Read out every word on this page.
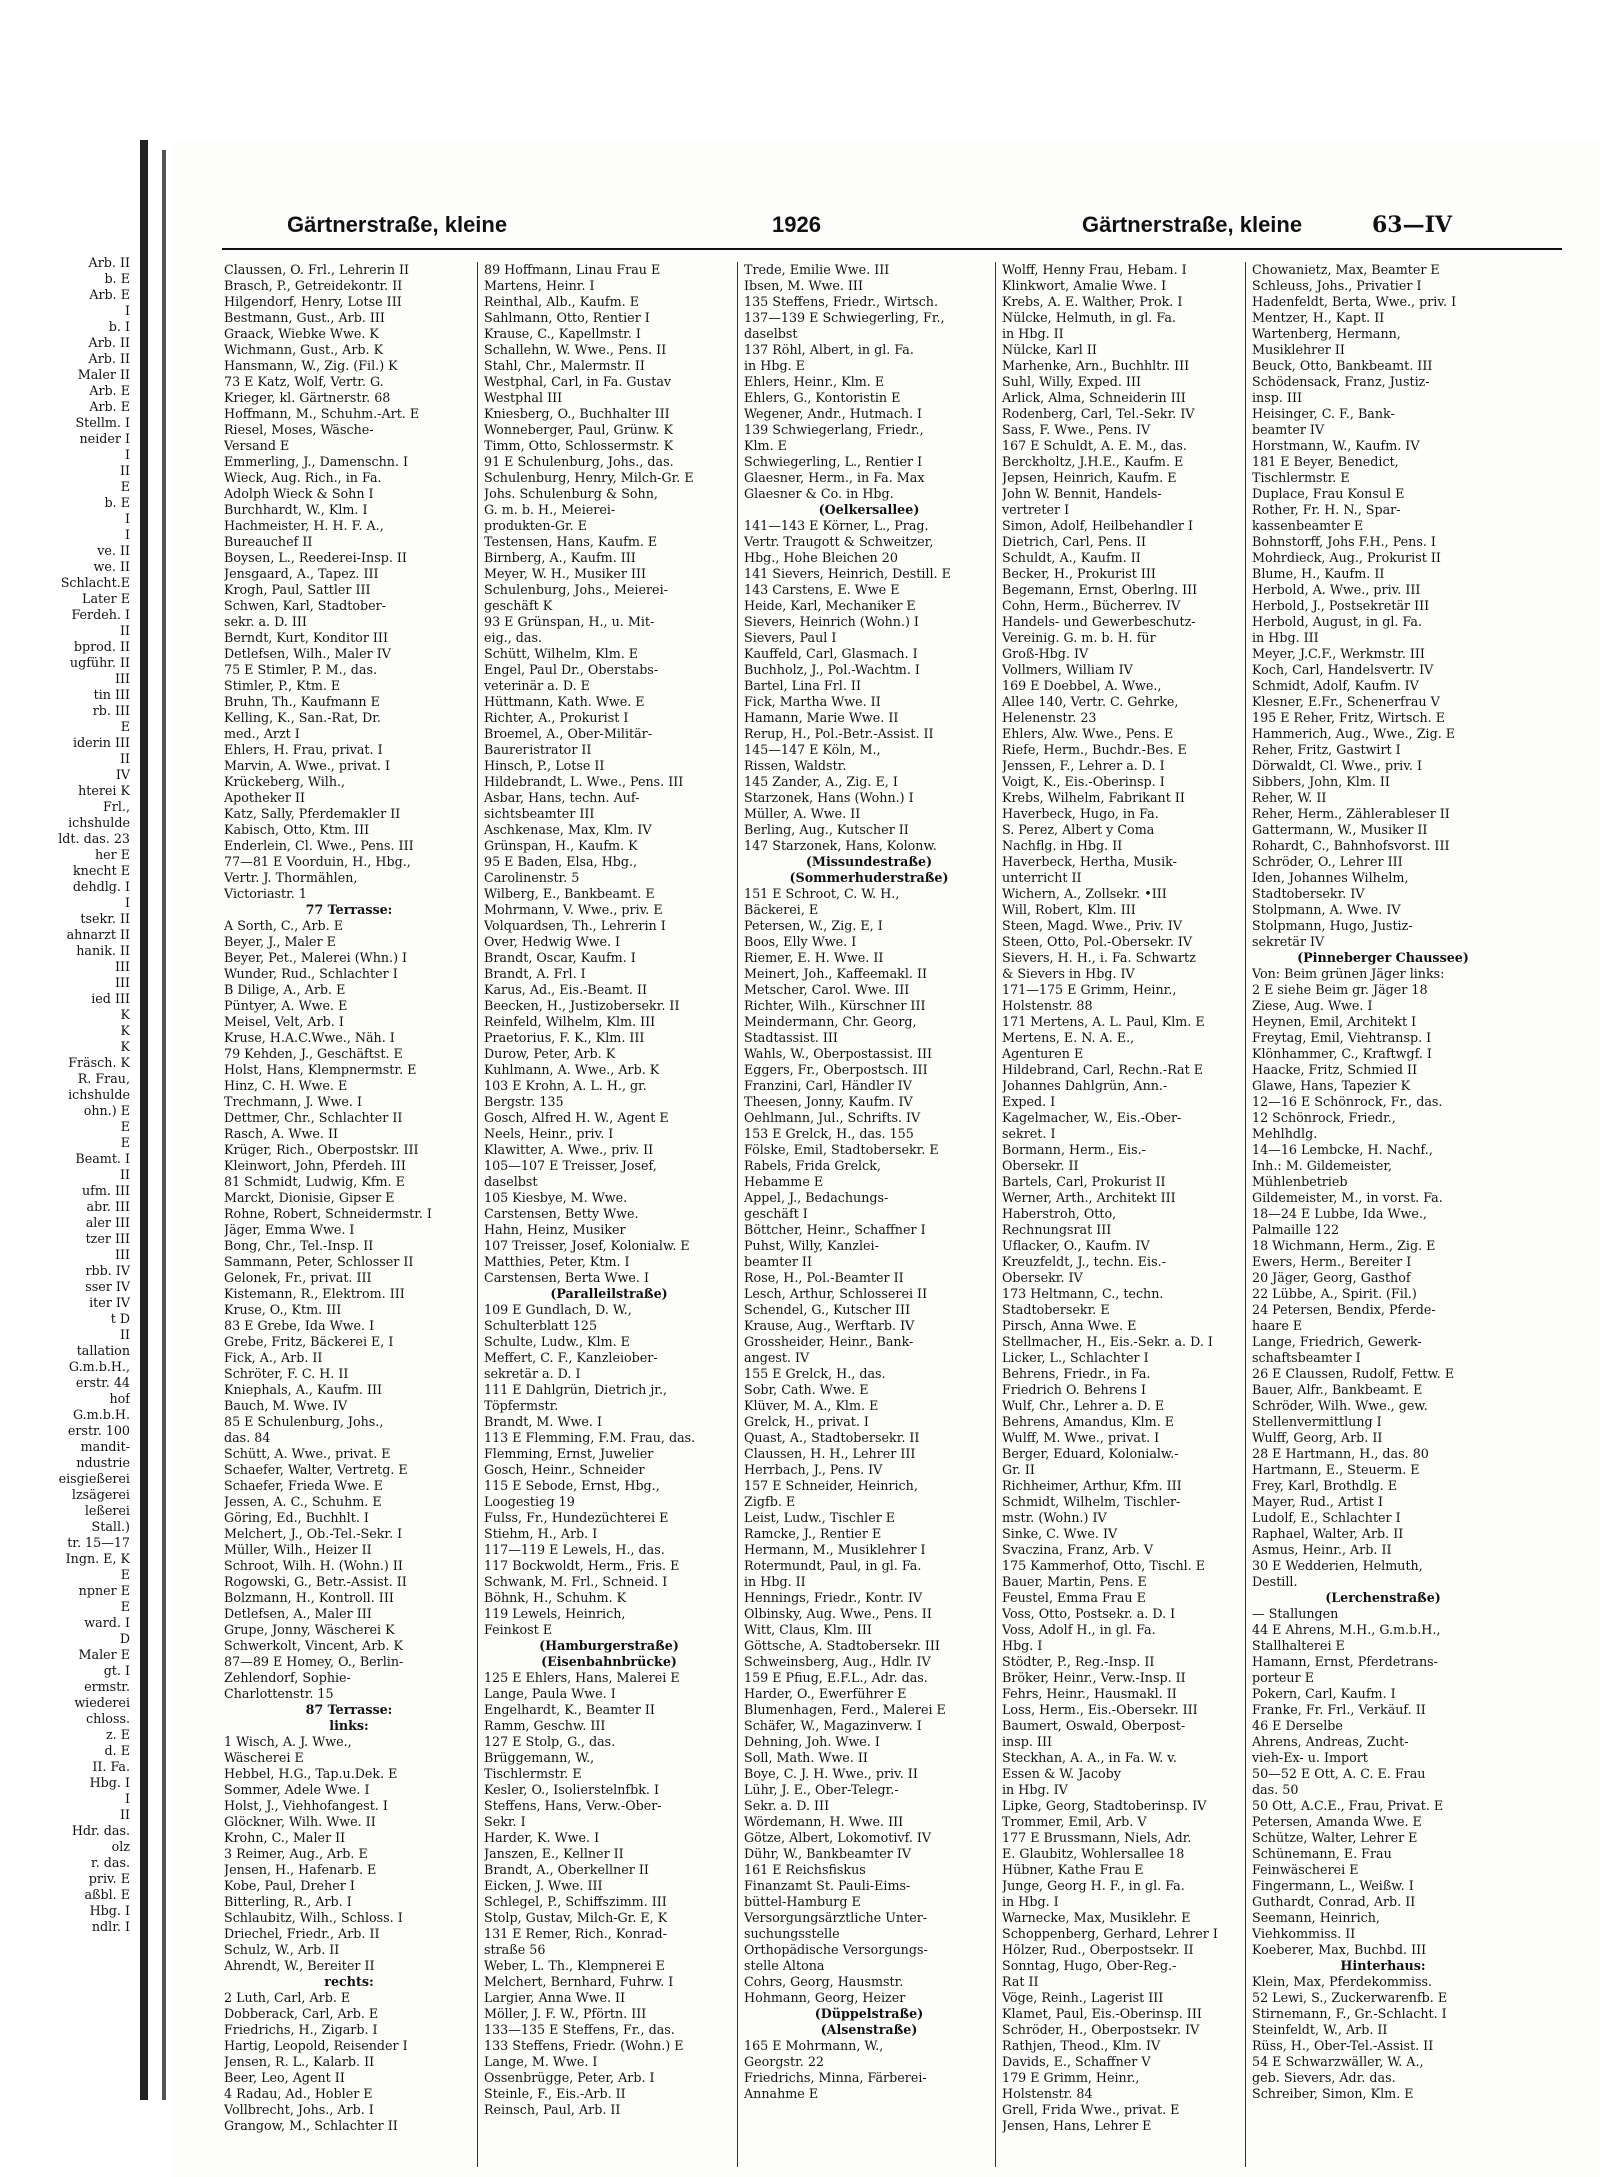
Arb. II
b. E
Arb. E
I
b. I
Arb. II
Arb. II
Maler II
Arb. E
Arb. E
Stellm. I
neider I
I
II
E
b. E
I
I
ve. II
we. II
Schlacht.E
Later E
Ferdeh. I
II
bprod. II
ugführ. II
III
tin III
rb. III
E
iderin III
II
IV
hterei K
Frl.,
ichshulde
ldt. das. 23
her E
knecht E
dehdlg. I
I
tsekr. II
ahnarzt II
hanik. II
III
III
ied III
K
K
K
Fräsch. K
R. Frau,
ichshulde
ohn.) E
E
E
Beamt. I
II
ufm. III
abr. III
aler III
tzer III
III
rbb. IV
sser IV
iter IV
t D
II
tallation
G.m.b.H.,
erstr. 44
hof
G.m.b.H.
erstr. 100
mandit-
ndustrie
eisgießerei
lzsägerei
leßerei
Stall.)
tr. 15—17
Ingn. E, K
E
npner E
E
ward. I
D
Maler E
gt. I
ermstr.
wiederei
chloss.
z. E
d. E
II. Fa.
Hbg. I
I
II
Hdr. das.
olz
r. das.
priv. E
aßbl. E
Hbg. I
ndlr. I
Gärtnerstraße, kleine	1926	Gärtnerstraße, kleine	63—IV
Claussen, O. Frl., Lehrerin II
Brasch, P., Getreidekontr. II
Hilgendorf, Henry, Lotse III
Bestmann, Gust., Arb. III
Graack, Wiebke Wwe. K
Wichmann, Gust., Arb. K
Hansmann, W., Zig. (Fil.) K
73 E Katz, Wolf, Vertr. G.
Krieger, kl. Gärtnerstr. 68
Hoffmann, M., Schuhm.-Art. E
Riesel, Moses, Wäsche-
Versand E
Emmerling, J., Damenschn. I
Wieck, Aug. Rich., in Fa.
Adolph Wieck & Sohn I
Burchhardt, W., Klm. I
Hachmeister, H. H. F. A.,
Bureauchef II
Boysen, L., Reederei-Insp. II
Jensgaard, A., Tapez. III
Krogh, Paul, Sattler III
Schwen, Karl, Stadtober-
sekr. a. D. III
Berndt, Kurt, Konditor III
Detlefsen, Wilh., Maler IV
75 E Stimler, P. M., das.
Stimler, P., Ktm. E
Bruhn, Th., Kaufmann E
Kelling, K., San.-Rat, Dr.
med., Arzt I
Ehlers, H. Frau, privat. I
Marvin, A. Wwe., privat. I
Krückeberg, Wilh.,
Apotheker II
Katz, Sally, Pferdemakler II
Kabisch, Otto, Ktm. III
Enderlein, Cl. Wwe., Pens. III
77—81 E Voorduin, H., Hbg.,
Vertr. J. Thormählen,
Victoriastr. 1
77 Terrasse:
A Sorth, C., Arb. E
Beyer, J., Maler E
Beyer, Pet., Malerei (Whn.) I
Wunder, Rud., Schlachter I
B Dilige, A., Arb. E
Püntyer, A. Wwe. E
Meisel, Velt, Arb. I
Kruse, H.A.C.Wwe., Näh. I
79 Kehden, J., Geschäftst. E
Holst, Hans, Klempnermstr. E
Hinz, C. H. Wwe. E
Trechmann, J. Wwe. I
Dettmer, Chr., Schlachter II
Rasch, A. Wwe. II
Krüger, Rich., Oberpostskr. III
Kleinwort, John, Pferdeh. III
81 Schmidt, Ludwig, Kfm. E
Marckt, Dionisie, Gipser E
Rohne, Robert, Schneidermstr. I
Jäger, Emma Wwe. I
Bong, Chr., Tel.-Insp. II
Sammann, Peter, Schlosser II
Gelonek, Fr., privat. III
Kistemann, R., Elektrom. III
Kruse, O., Ktm. III
83 E Grebe, Ida Wwe. I
Grebe, Fritz, Bäckerei E, I
Fick, A., Arb. II
Schröter, F. C. H. II
Kniephals, A., Kaufm. III
Bauch, M. Wwe. IV
85 E Schulenburg, Johs.,
das. 84
Schütt, A. Wwe., privat. E
Schaefer, Walter, Vertretg. E
Schaefer, Frieda Wwe. E
Jessen, A. C., Schuhm. E
Göring, Ed., Buchhlt. I
Melchert, J., Ob.-Tel.-Sekr. I
Müller, Wilh., Heizer II
Schroot, Wilh. H. (Wohn.) II
Rogowski, G., Betr.-Assist. II
Bolzmann, H., Kontroll. III
Detlefsen, A., Maler III
Grupe, Jonny, Wäscherei K
Schwerkolt, Vincent, Arb. K
87—89 E Homey, O., Berlin-
Zehlendorf, Sophie-
Charlottenstr. 15
87 Terrasse:
links:
1 Wisch, A. J. Wwe.,
Wäscherei E
Hebbel, H.G., Tap.u.Dek. E
Sommer, Adele Wwe. I
Holst, J., Viehhofangest. I
Glöckner, Wilh. Wwe. II
Krohn, C., Maler II
3 Reimer, Aug., Arb. E
Jensen, H., Hafenarb. E
Kobe, Paul, Dreher I
Bitterling, R., Arb. I
Schlaubitz, Wilh., Schloss. I
Driechel, Friedr., Arb. II
Schulz, W., Arb. II
Ahrendt, W., Bereiter II
rechts:
2 Luth, Carl, Arb. E
Dobberack, Carl, Arb. E
Friedrichs, H., Zigarb. I
Hartig, Leopold, Reisender I
Jensen, R. L., Kalarb. II
Beer, Leo, Agent II
4 Radau, Ad., Hobler E
Vollbrecht, Johs., Arb. I
Grangow, M., Schlachter II
89 Hoffmann, Linau Frau E
Martens, Heinr. I
Reinthal, Alb., Kaufm. E
Sahlmann, Otto, Rentier I
Krause, C., Kapellmstr. I
Schallehn, W. Wwe., Pens. II
Stahl, Chr., Malermstr. II
Westphal, Carl, in Fa. Gustav
Westphal III
Kniesberg, O., Buchhalter III
Wonneberger, Paul, Grünw. K
Timm, Otto, Schlossermstr. K
91 E Schulenburg, Johs., das.
Schulenburg, Henry, Milch-Gr. E
Johs. Schulenburg & Sohn,
G. m. b. H., Meierei-
produkten-Gr. E
Testensen, Hans, Kaufm. E
Birnberg, A., Kaufm. III
Meyer, W. H., Musiker III
Schulenburg, Johs., Meierei-
geschäft K
93 E Grünspan, H., u. Mit-
eig., das.
Schütt, Wilhelm, Klm. E
Engel, Paul Dr., Oberstabs-
veterinär a. D. E
Hüttmann, Kath. Wwe. E
Richter, A., Prokurist I
Broemel, A., Ober-Militär-
Baurегistrator II
Hinsch, P., Lotse II
Hildebrandt, L. Wwe., Pens. III
Asbar, Hans, techn. Auf-
sichtsbeamter III
Aschkenase, Max, Klm. IV
Grünspan, H., Kaufm. K
95 E Baden, Elsa, Hbg.,
Carolinenstr. 5
Wilberg, E., Bankbeamt. E
Mohrmann, V. Wwe., priv. E
Volquardsen, Th., Lehrerin I
Over, Hedwig Wwe. I
Brandt, Oscar, Kaufm. I
Brandt, A. Frl. I
Karus, Ad., Eis.-Beamt. II
Beecken, H., Justizobersekr. II
Reinfeld, Wilhelm, Klm. III
Praetorius, F. K., Klm. III
Durow, Peter, Arb. K
Kuhlmann, A. Wwe., Arb. K
103 E Krohn, A. L. H., gr.
Bergstr. 135
Gosch, Alfred H. W., Agent E
Neels, Heinr., priv. I
Klawitter, A. Wwe., priv. II
105—107 E Treisser, Josef,
daselbst
105 Kiesbye, M. Wwe.
Carstensen, Betty Wwe.
Hahn, Heinz, Musiker
107 Treisser, Josef, Kolonialw. E
Matthies, Peter, Ktm. I
Carstensen, Berta Wwe. I
(Paralleilstraße)
109 E Gundlach, D. W.,
Schulterblatt 125
Schulte, Ludw., Klm. E
Meffert, C. F., Kanzleiober-
sekretär a. D. I
111 E Dahlgrün, Dietrich jr.,
Töpfermstr.
Brandt, M. Wwe. I
113 E Flemming, F.M. Frau, das.
Flemming, Ernst, Juwelier
Gosch, Heinr., Schneider
115 E Sebode, Ernst, Hbg.,
Loogestieg 19
Fulss, Fr., Hundezüchterei E
Stiehm, H., Arb. I
117—119 E Lewels, H., das.
117 Bockwoldt, Herm., Fris. E
Schwank, M. Frl., Schneid. I
Böhnk, H., Schuhm. K
119 Lewels, Heinrich,
Feinkost E
(Hamburgerstraße)
(Eisenbahnbrücke)
125 E Ehlers, Hans, Malerei E
Lange, Paula Wwe. I
Engelhardt, K., Beamter II
Ramm, Geschw. III
127 E Stolp, G., das.
Brüggemann, W.,
Tischlermstr. E
Kesler, O., Isolierstelnfbk. I
Steffens, Hans, Verw.-Ober-
Sekr. I
Harder, K. Wwe. I
Janszen, E., Kellner II
Brandt, A., Oberkellner II
Eicken, J. Wwe. III
Schlegel, P., Schiffszimm. III
Stolp, Gustav, Milch-Gr. E, K
131 E Remer, Rich., Konrad-
straße 56
Weber, L. Th., Klempnerei E
Melchert, Bernhard, Fuhrw. I
Largier, Anna Wwe. II
Möller, J. F. W., Pförtn. III
133—135 E Steffens, Fr., das.
133 Steffens, Friedr. (Wohn.) E
Lange, M. Wwe. I
Ossenbrügge, Peter, Arb. I
Steinle, F., Eis.-Arb. II
Reinsch, Paul, Arb. II
Trede, Emilie Wwe. III
Ibsen, M. Wwe. III
135 Steffens, Friedr., Wirtsch.
137—139 E Schwiegerling, Fr.,
daselbst
137 Röhl, Albert, in gl. Fa.
in Hbg. E
Ehlers, Heinr., Klm. E
Ehlers, G., Kontoristin E
Wegener, Andr., Hutmach. I
139 Schwiegerlang, Friedr.,
Klm. E
Schwiegerling, L., Rentier I
Glaesner, Herm., in Fa. Max
Glaesner & Co. in Hbg.
(Oelkersallee)
141—143 E Körner, L., Prag.
Vertr. Traugott & Schweitzer,
Hbg., Hohe Bleichen 20
141 Sievers, Heinrich, Destill. E
143 Carstens, E. Wwe E
Heide, Karl, Mechaniker E
Sievers, Heinrich (Wohn.) I
Sievers, Paul I
Kauffeld, Carl, Glasmach. I
Buchholz, J., Pol.-Wachtm. I
Bartel, Lina Frl. II
Fick, Martha Wwe. II
Hamann, Marie Wwe. II
Rerup, H., Pol.-Betr.-Assist. II
145—147 E Köln, M.,
Rissen, Waldstr.
145 Zander, A., Zig. E, I
Starzonek, Hans (Wohn.) I
Müller, A. Wwe. II
Berling, Aug., Kutscher II
147 Starzonek, Hans, Kolonw.
(Missundestraße)
(Sommerhuderstraße)
151 E Schroot, C. W. H.,
Bäckerei, E
Petersen, W., Zig. E, I
Boos, Elly Wwe. I
Riemer, E. H. Wwe. II
Meinert, Joh., Kaffeemakl. II
Metscher, Carol. Wwe. III
Richter, Wilh., Kürschner III
Meindermann, Chr. Georg,
Stadtassist. III
Wahls, W., Oberpostassist. III
Eggers, Fr., Oberpostsch. III
Franzini, Carl, Händler IV
Theesen, Jonny, Kaufm. IV
Oehlmann, Jul., Schrifts. IV
153 E Grelck, H., das. 155
Fölske, Emil, Stadtobersekr. E
Rabels, Frida Grelck,
Hebamme E
Appel, J., Bedachungs-
geschäft I
Böttcher, Heinr., Schaffner I
Puhst, Willy, Kanzlei-
beamter II
Rose, H., Pol.-Beamter II
Lesch, Arthur, Schlosserei II
Schendel, G., Kutscher III
Krause, Aug., Werftarb. IV
Grossheider, Heinr., Bank-
angest. IV
155 E Grelck, H., das.
Sobr, Cath. Wwe. E
Klüver, M. A., Klm. E
Grelck, H., privat. I
Quast, A., Stadtobersekr. II
Claussen, H. H., Lehrer III
Herrbach, J., Pens. IV
157 E Schneider, Heinrich,
Zigfb. E
Leist, Ludw., Tischler E
Ramcke, J., Rentier E
Hermann, M., Musiklehrer I
Rotermundt, Paul, in gl. Fa.
in Hbg. II
Hennings, Friedr., Kontr. IV
Olbinsky, Aug. Wwe., Pens. II
Witt, Claus, Klm. III
Göttsche, A. Stadtobersekr. III
Schweinsberg, Aug., Hdlr. IV
159 E Pfiug, E.F.L., Adr. das.
Harder, O., Ewerführer E
Blumenhagen, Ferd., Malerei E
Schäfer, W., Magazinverw. I
Dehning, Joh. Wwe. I
Soll, Math. Wwe. II
Boye, C. J. H. Wwe., priv. II
Lühr, J. E., Ober-Telegr.-
Sekr. a. D. III
Wördemann, H. Wwe. III
Götze, Albert, Lokomotivf. IV
Dühr, W., Bankbeamter IV
161 E Reichsfiskus
Finanzamt St. Pauli-Eims-
büttel-Hamburg E
Versorgungsärztliche Unter-
suchungsstelle
Orthopädische Versorgungs-
stelle Altona
Cohrs, Georg, Hausmstr.
Hohmann, Georg, Heizer
(Düppelstraße)
(Alsenstraße)
165 E Mohrmann, W.,
Georgstr. 22
Friedrichs, Minna, Färberei-
Annahme E
Wolff, Henny Frau, Hebam. I
Klinkwort, Amalie Wwe. I
Krebs, A. E. Walther, Prok. I
Nülcke, Helmuth, in gl. Fa.
in Hbg. II
Nülcke, Karl II
Marhenke, Arn., Buchhltr. III
Suhl, Willy, Exped. III
Arlick, Alma, Schneiderin III
Rodenberg, Carl, Tel.-Sekr. IV
Sass, F. Wwe., Pens. IV
167 E Schuldt, A. E. M., das.
Berckholtz, J.H.E., Kaufm. E
Jepsen, Heinrich, Kaufm. E
John W. Bennit, Handels-
vertreter I
Simon, Adolf, Heilbehandler I
Dietrich, Carl, Pens. II
Schuldt, A., Kaufm. II
Becker, H., Prokurist III
Begemann, Ernst, Oberlng. III
Cohn, Herm., Bücherrev. IV
Handels- und Gewerbeschutz-
Vereinig. G. m. b. H. für
Groß-Hbg. IV
Vollmers, William IV
169 E Doebbel, A. Wwe.,
Allee 140, Vertr. C. Gehrke,
Helenenstr. 23
Ehlers, Alw. Wwe., Pens. E
Riefe, Herm., Buchdr.-Bes. E
Jenssen, F., Lehrer a. D. I
Voigt, K., Eis.-Oberinsp. I
Krebs, Wilhelm, Fabrikant II
Haverbeck, Hugo, in Fa.
S. Perez, Albert y Coma
Nachflg. in Hbg. II
Haverbeck, Hertha, Musik-
unterricht II
Wichern, A., Zollsekr. •III
Will, Robert, Klm. III
Steen, Magd. Wwe., Priv. IV
Steen, Otto, Pol.-Obersekr. IV
Sievers, H. H., i. Fa. Schwartz
& Sievers in Hbg. IV
171—175 E Grimm, Heinr.,
Holstenstr. 88
171 Mertens, A. L. Paul, Klm. E
Mertens, E. N. A. E.,
Agenturen E
Hildebrand, Carl, Rechn.-Rat E
Johannes Dahlgrün, Ann.-
Exped. I
Kagelmacher, W., Eis.-Ober-
sekret. I
Bormann, Herm., Eis.-
Obersekr. II
Bartels, Carl, Prokurist II
Werner, Arth., Architekt III
Haberstroh, Otto,
Rechnungsrat III
Uflacker, O., Kaufm. IV
Kreuzfeldt, J., techn. Eis.-
Obersekr. IV
173 Heltmann, C., techn.
Stadtobersekr. E
Pirsch, Anna Wwe. E
Stellmacher, H., Eis.-Sekr. a. D. I
Licker, L., Schlachter I
Behrens, Friedr., in Fa.
Friedrich O. Behrens I
Wulf, Chr., Lehrer a. D. E
Behrens, Amandus, Klm. E
Wulff, M. Wwe., privat. I
Berger, Eduard, Kolonialw.-
Gr. II
Richheimer, Arthur, Kfm. III
Schmidt, Wilhelm, Tischler-
mstr. (Wohn.) IV
Sinke, C. Wwe. IV
Svaczina, Franz, Arb. V
175 Kammerhof, Otto, Tischl. E
Bauer, Martin, Pens. E
Feustel, Emma Frau E
Voss, Otto, Postsekr. a. D. I
Voss, Adolf H., in gl. Fa.
Hbg. I
Stödter, P., Reg.-Insp. II
Bröker, Heinr., Verw.-Insp. II
Fehrs, Heinr., Hausmakl. II
Loss, Herm., Eis.-Obersekr. III
Baumert, Oswald, Oberpost-
insp. III
Steckhan, A. A., in Fa. W. v.
Essen & W. Jacoby
in Hbg. IV
Lipke, Georg, Stadtoberinsp. IV
Trommer, Emil, Arb. V
177 E Brussmann, Niels, Adr.
E. Glaubitz, Wohlersallee 18
Hübner, Kathe Frau E
Junge, Georg H. F., in gl. Fa.
in Hbg. I
Warnecke, Max, Musiklehr. E
Schoppenberg, Gerhard, Lehrer I
Hölzer, Rud., Oberpostsekr. II
Sonntag, Hugo, Ober-Reg.-
Rat II
Vöge, Reinh., Lagerist III
Klamet, Paul, Eis.-Oberinsp. III
Schröder, H., Oberpostsekr. IV
Rathjen, Theod., Klm. IV
Davids, E., Schaffner V
179 E Grimm, Heinr.,
Holstenstr. 84
Grell, Frida Wwe., privat. E
Jensen, Hans, Lehrer E
Chowanietz, Max, Beamter E
Schleuss, Johs., Privatier I
Hadenfeldt, Berta, Wwe., priv. I
Mentzer, H., Kapt. II
Wartenberg, Hermann,
Musiklehrer II
Beuck, Otto, Bankbeamt. III
Schödensack, Franz, Justiz-
insp. III
Heisinger, C. F., Bank-
beamter IV
Horstmann, W., Kaufm. IV
181 E Beyer, Benedict,
Tischlermstr. E
Duplace, Frau Konsul E
Rother, Fr. H. N., Spar-
kassenbeamter E
Bohnstorff, Johs F.H., Pens. I
Mohrdieck, Aug., Prokurist II
Blume, H., Kaufm. II
Herbold, A. Wwe., priv. III
Herbold, J., Postsekretär III
Herbold, August, in gl. Fa.
in Hbg. III
Meyer, J.C.F., Werkmstr. III
Koch, Carl, Handelsvertr. IV
Schmidt, Adolf, Kaufm. IV
Klesner, E.Fr., Schenerfrau V
195 E Reher, Fritz, Wirtsch. E
Hammerich, Aug., Wwe., Zig. E
Reher, Fritz, Gastwirt I
Dörwaldt, Cl. Wwe., priv. I
Sibbers, John, Klm. II
Reher, W. II
Reher, Herm., Zählerableser II
Gattermann, W., Musiker II
Rohardt, C., Bahnhofsvorst. III
Schröder, O., Lehrer III
Iden, Johannes Wilhelm,
Stadtobersekr. IV
Stolpmann, A. Wwe. IV
Stolpmann, Hugo, Justiz-
sekretär IV
(Pinneberger Chaussee)
Von: Beim grünen Jäger links:
2 E siehe Beim gr. Jäger 18
Ziese, Aug. Wwe. I
Heynen, Emil, Architekt I
Freytag, Emil, Viehtransp. I
Klönhammer, C., Kraftwgf. I
Haacke, Fritz, Schmied II
Glawe, Hans, Tapezier K
12—16 E Schönrock, Fr., das.
12 Schönrock, Friedr.,
Mehlhdlg.
14—16 Lembcke, H. Nachf.,
Inh.: M. Gildemeister,
Mühlenbetrieb
Gildemeister, M., in vorst. Fa.
18—24 E Lubbe, Ida Wwe.,
Palmaille 122
18 Wichmann, Herm., Zig. E
Ewers, Herm., Bereiter I
20 Jäger, Georg, Gasthof
22 Lübbe, A., Spirit. (Fil.)
24 Petersen, Bendix, Pferde-
haare E
Lange, Friedrich, Gewerk-
schaftsbeamter I
26 E Claussen, Rudolf, Fettw. E
Bauer, Alfr., Bankbeamt. E
Schröder, Wilh. Wwe., gew.
Stellenvermittlung I
Wulff, Georg, Arb. II
28 E Hartmann, H., das. 80
Hartmann, E., Steuerm. E
Frey, Karl, Brothdlg. E
Mayer, Rud., Artist I
Ludolf, E., Schlachter I
Raphael, Walter, Arb. II
Asmus, Heinr., Arb. II
30 E Wedderien, Helmuth,
Destill.
(Lerchenstraße)
— Stallungen
44 E Ahrens, M.H., G.m.b.H.,
Stallhalterei E
Hamann, Ernst, Pferdetrans-
porteur E
Pokern, Carl, Kaufm. I
Franke, Fr. Frl., Verkäuf. II
46 E Derselbe
Ahrens, Andreas, Zucht-
vieh-Ex- u. Import
50—52 E Ott, A. C. E. Frau
das. 50
50 Ott, A.C.E., Frau, Privat. E
Petersen, Amanda Wwe. E
Schütze, Walter, Lehrer E
Schünemann, E. Frau
Feinwäscherei E
Fingermann, L., Weißw. I
Guthardt, Conrad, Arb. II
Seemann, Heinrich,
Viehkommiss. II
Koeberer, Max, Buchbd. III
Hinterhaus:
Klein, Max, Pferdekommiss.
52 Lewi, S., Zuckerwarenfb. E
Stirnemann, F., Gr.-Schlacht. I
Steinfeldt, W., Arb. II
Rüss, H., Ober-Tel.-Assist. II
54 E Schwarzwäller, W. A.,
geb. Sievers, Adr. das.
Schreiber, Simon, Klm. E
